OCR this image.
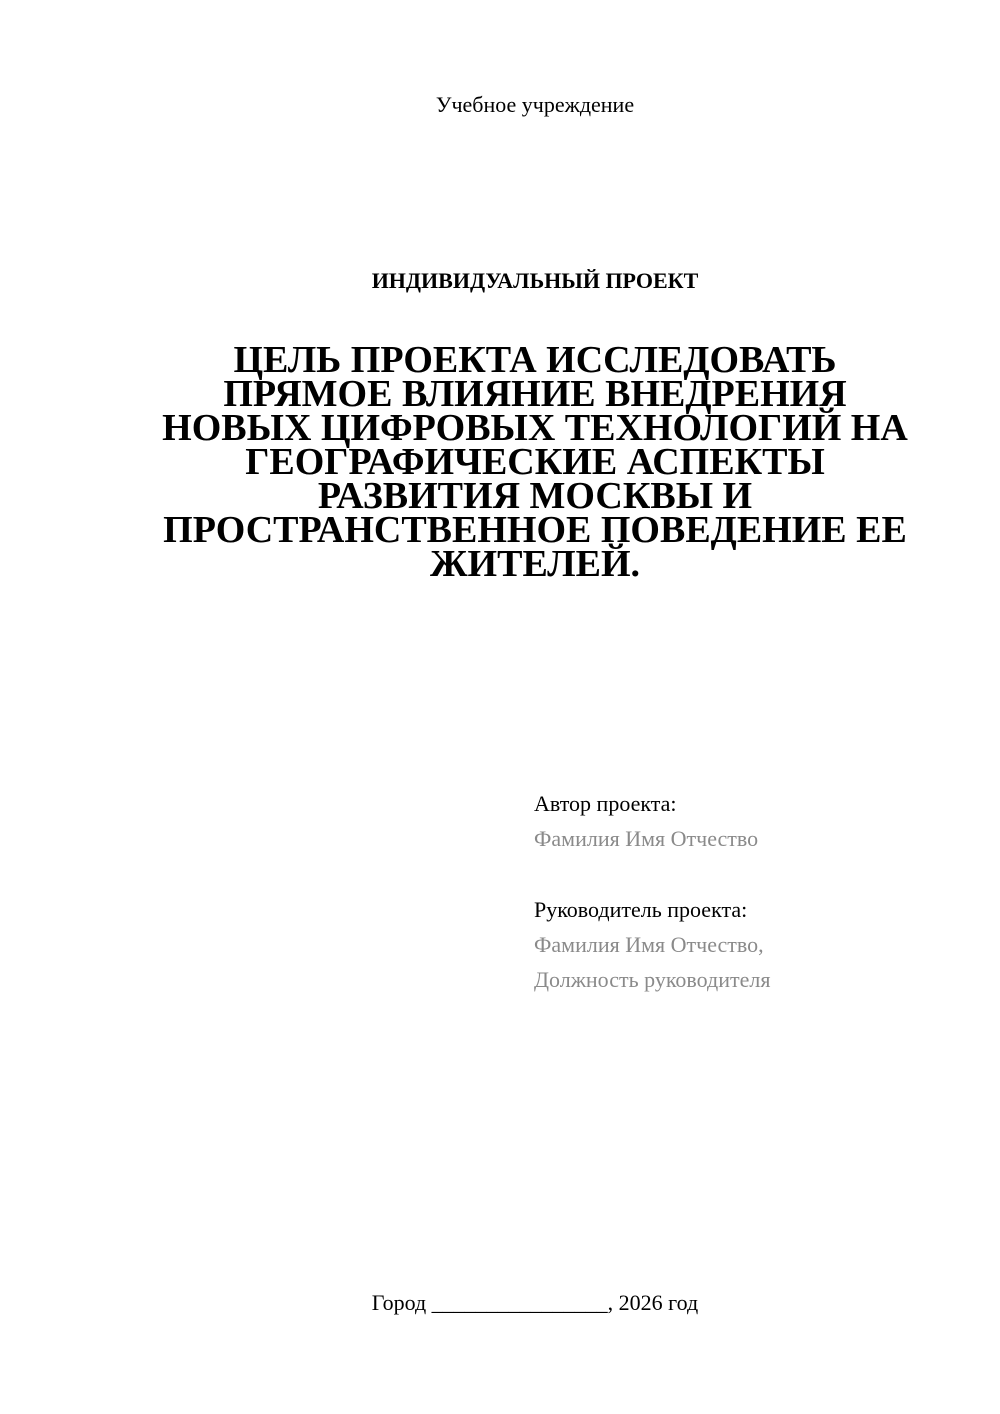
Учебное учреждение
ИНДИВИДУАЛЬНЫЙ ПРОЕКТ
ЦЕЛЬ ПРОЕКТА ИССЛЕДОВАТЬ
ПРЯМОЕ ВЛИЯНИЕ ВНЕДРЕНИЯ
НОВЫХ ЦИФРОВЫХ ТЕХНОЛОГИЙ НА
ГЕОГРАФИЧЕСКИЕ АСПЕКТЫ
РАЗВИТИЯ МОСКВЫ И
ПРОСТРАНСТВЕННОЕ ПОВЕДЕНИЕ ЕЕ
ЖИТЕЛЕЙ.
Автор проекта:
Фамилия Имя Отчество
Руководитель проекта:
Фамилия Имя Отчество,
Должность руководителя
Город ________________, 2026 год
